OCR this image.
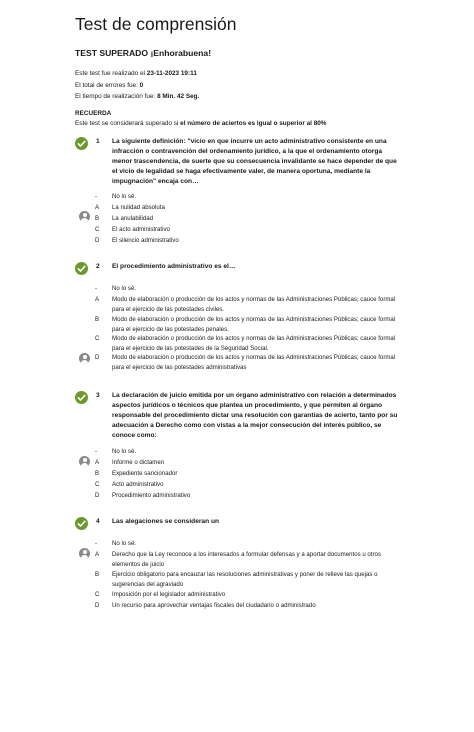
Test de comprensión
TEST SUPERADO ¡Enhorabuena!
Este test fue realizado el 23-11-2023 19:11
El total de errores fue: 0
El tiempo de realización fue: 8 Min. 42 Seg.
RECUERDA
Este test se considerará superado si el número de aciertos es igual o superior al 80%
1 La siguiente definición: "vicio en que incurre un acto administrativo consistente en una infracción o contravención del ordenamiento jurídico, a la que el ordenamiento otorga menor trascendencia, de suerte que su consecuencia invalidante se hace depender de que el vicio de legalidad se haga efectivamente valer, de manera oportuna, mediante la impugnación" encaja con…
-	No lo sé.
A	La nulidad absoluta
B	La anulabilidad
C	El acto administrativo
D	El silencio administrativo
2 El procedimiento administrativo es el…
-	No lo sé.
A	Modo de elaboración o producción de los actos y normas de las Administraciones Públicas; cauce formal para el ejercicio de las potestades civiles.
B	Modo de elaboración o producción de los actos y normas de las Administraciones Públicas; cauce formal para el ejercicio de las potestades penales.
C	Modo de elaboración o producción de los actos y normas de las Administraciones Públicas; cauce formal para el ejercicio de las potestades de la Seguridad Social.
D	Modo de elaboración o producción de los actos y normas de las Administraciones Públicas; cauce formal para el ejercicio de las potestades administrativas
3 La declaración de juicio emitida por un órgano administrativo con relación a determinados aspectos jurídicos o técnicos que plantea un procedimiento, y que permiten al órgano responsable del procedimiento dictar una resolución con garantías de acierto, tanto por su adecuación a Derecho como con vistas a la mejor consecución del interés público, se conoce como:
-	No lo sé.
A	Informe o dictamen
B	Expediente sancionador
C	Acto administrativo
D	Procedimiento administrativo
4 Las alegaciones se consideran un
-	No lo sé.
A	Derecho que la Ley reconoce a los interesados a formular defensas y a aportar documentos u otros elementos de juicio
B	Ejercicio obligatorio para encauzar las resoluciones administrativas y poner de relieve las quejas o sugerencias del agraviado
C	Imposición por el legislador administrativo
D	Un recurso para aprovechar ventajas fiscales del ciudadano o administrado
